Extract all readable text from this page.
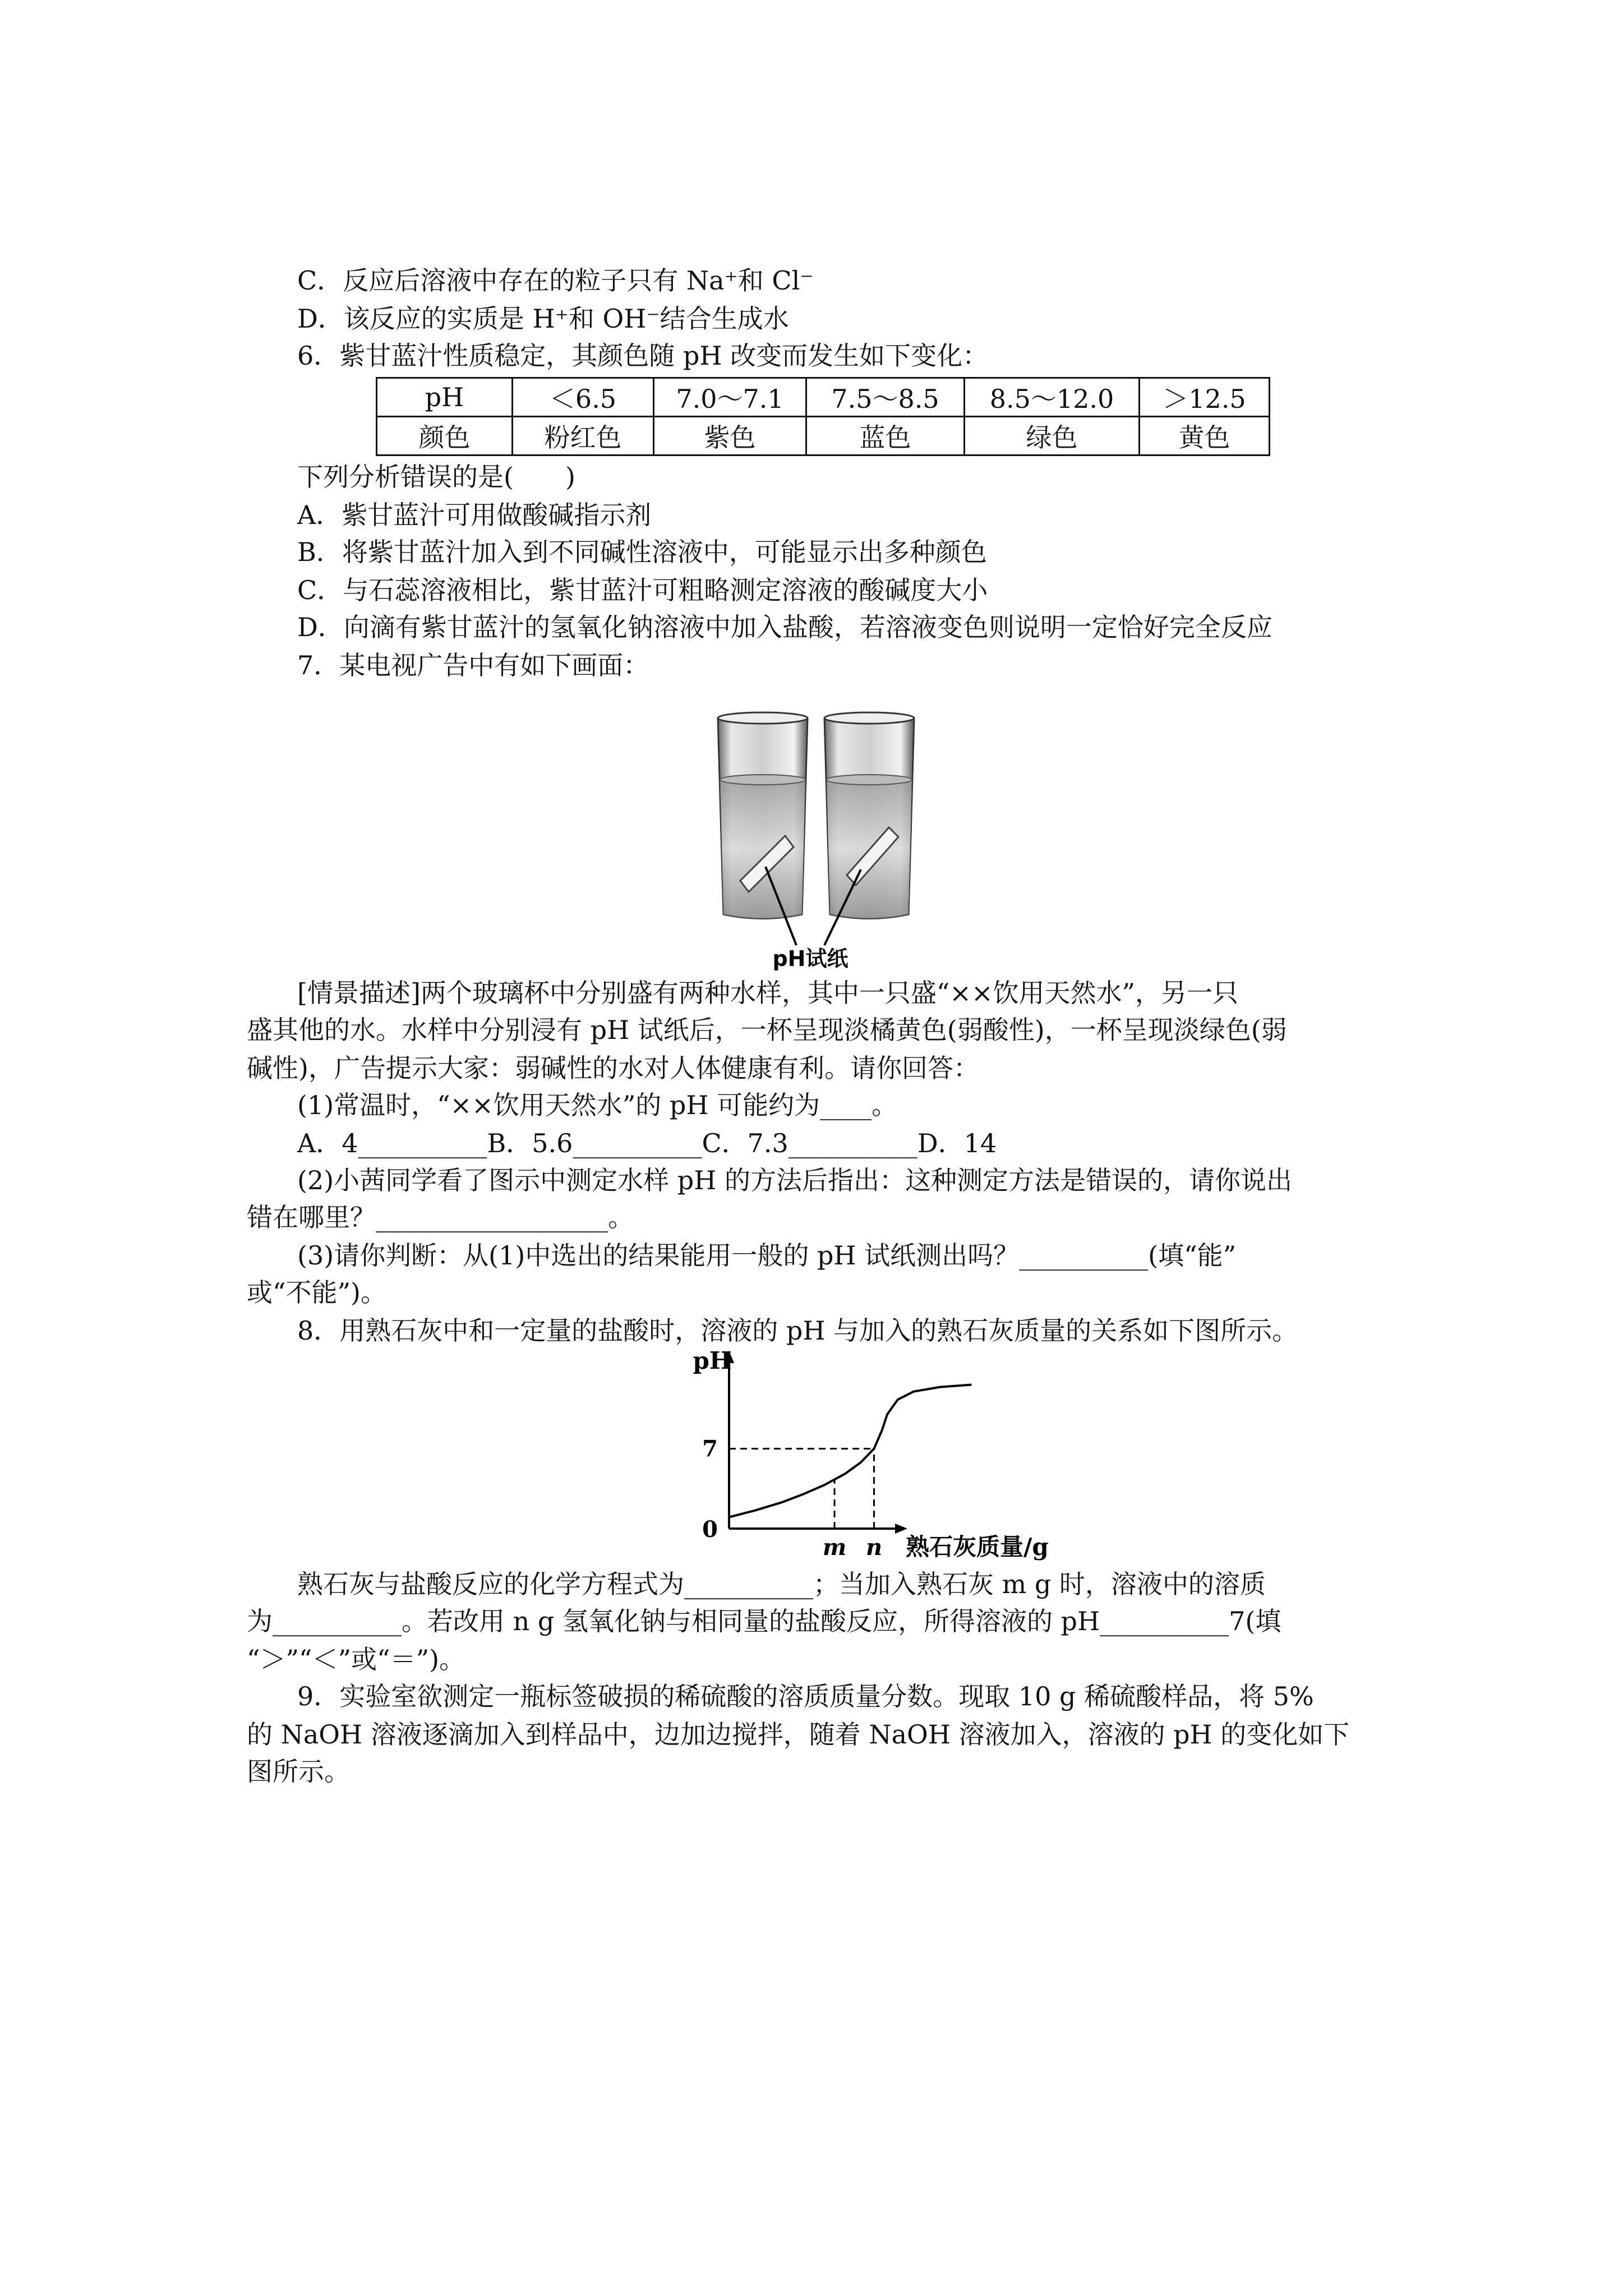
C．反应后溶液中存在的粒子只有 Na⁺和 Cl⁻
D．该反应的实质是 H⁺和 OH⁻结合生成水
6．紫甘蓝汁性质稳定，其颜色随 pH 改变而发生如下变化：
pH	＜6.5	7.0～7.1	7.5～8.5	8.5～12.0	＞12.5
颜色	粉红色	紫色	蓝色	绿色	黄色
下列分析错误的是(　　)
A．紫甘蓝汁可用做酸碱指示剂
B．将紫甘蓝汁加入到不同碱性溶液中，可能显示出多种颜色
C．与石蕊溶液相比，紫甘蓝汁可粗略测定溶液的酸碱度大小
D．向滴有紫甘蓝汁的氢氧化钠溶液中加入盐酸，若溶液变色则说明一定恰好完全反应
7．某电视广告中有如下画面：
pH试纸
[情景描述]两个玻璃杯中分别盛有两种水样，其中一只盛“××饮用天然水”，另一只
盛其他的水。水样中分别浸有 pH 试纸后，一杯呈现淡橘黄色(弱酸性)，一杯呈现淡绿色(弱
碱性)，广告提示大家：弱碱性的水对人体健康有利。请你回答：
(1)常温时，“××饮用天然水”的 pH 可能约为____。
A．4__________B．5.6__________C．7.3__________D．14
(2)小茜同学看了图示中测定水样 pH 的方法后指出：这种测定方法是错误的，请你说出
错在哪里？__________________。
(3)请你判断：从(1)中选出的结果能用一般的 pH 试纸测出吗？__________(填“能”
或“不能”)。
8．用熟石灰中和一定量的盐酸时，溶液的 pH 与加入的熟石灰质量的关系如下图所示。
pH
0
7
m n 熟石灰质量/g
熟石灰与盐酸反应的化学方程式为__________；当加入熟石灰 m g 时，溶液中的溶质
为__________。若改用 n g 氢氧化钠与相同量的盐酸反应，所得溶液的 pH__________7(填
“＞”“＜”或“＝”)。
9．实验室欲测定一瓶标签破损的稀硫酸的溶质质量分数。现取 10 g 稀硫酸样品，将 5%
的 NaOH 溶液逐滴加入到样品中，边加边搅拌，随着 NaOH 溶液加入，溶液的 pH 的变化如下
图所示。
